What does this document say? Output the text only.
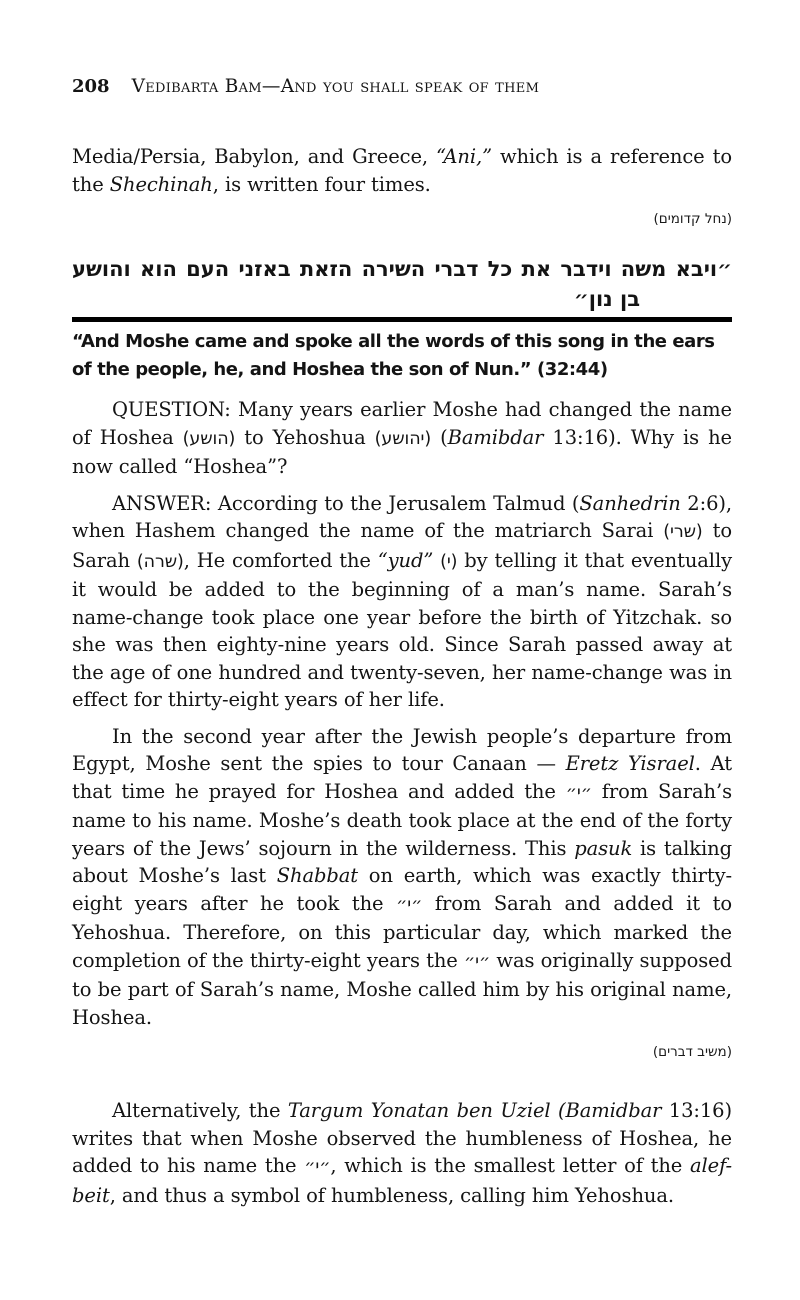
208 Vedibarta Bam—And you shall speak of them

Media/Persia, Babylon, and Greece, “Ani,” which is a reference to the Shechinah, is written four times.

(נחל קדומים)
״ויבא משה וידבר את כל דברי השירה הזאת באזני העם הוא והושע
בן נון״
“And Moshe came and spoke all the words of this song in the ears of the people, he, and Hoshea the son of Nun.” (32:44)

QUESTION: Many years earlier Moshe had changed the name of Hoshea (הושע) to Yehoshua (יהושע) (Bamibdar 13:16). Why is he now called “Hoshea”?

ANSWER: According to the Jerusalem Talmud (Sanhedrin 2:6), when Hashem changed the name of the matriarch Sarai (שרי) to Sarah (שרה), He comforted the “yud” (י) by telling it that eventually it would be added to the beginning of a man’s name. Sarah’s name-change took place one year before the birth of Yitzchak. so she was then eighty-nine years old. Since Sarah passed away at the age of one hundred and twenty-seven, her name-change was in effect for thirty-eight years of her life.

In the second year after the Jewish people’s departure from Egypt, Moshe sent the spies to tour Canaan — Eretz Yisrael. At that time he prayed for Hoshea and added the ״י״ from Sarah’s name to his name. Moshe’s death took place at the end of the forty years of the Jews’ sojourn in the wilderness. This pasuk is talking about Moshe’s last Shabbat on earth, which was exactly thirty-eight years after he took the ״י״ from Sarah and added it to Yehoshua. Therefore, on this particular day, which marked the completion of the thirty-eight years the ״י״ was originally supposed to be part of Sarah’s name, Moshe called him by his original name, Hoshea.

(משיב דברים)

Alternatively, the Targum Yonatan ben Uziel (Bamidbar 13:16) writes that when Moshe observed the humbleness of Hoshea, he added to his name the ״י״, which is the smallest letter of the alef-beit, and thus a symbol of humbleness, calling him Yehoshua.
